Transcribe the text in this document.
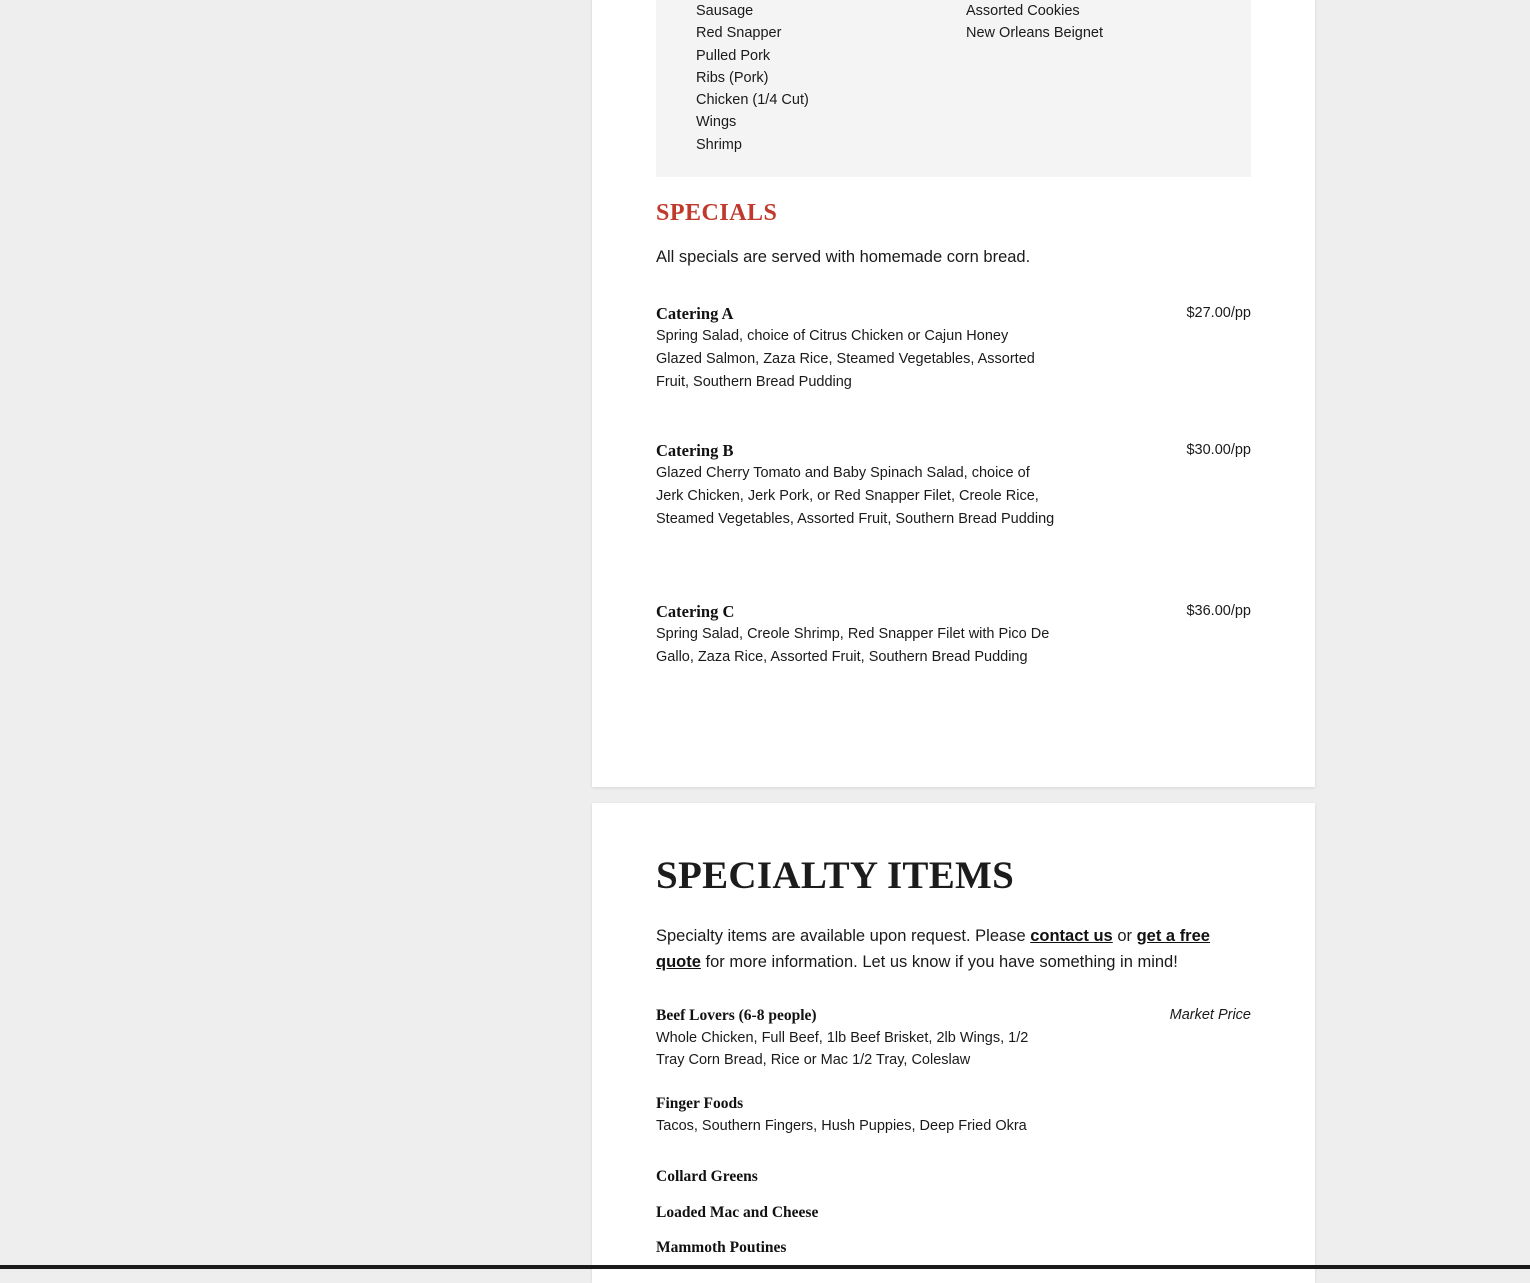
Sausage
Red Snapper
Pulled Pork
Ribs (Pork)
Chicken (1/4 Cut)
Wings
Shrimp
Assorted Cookies
New Orleans Beignet
SPECIALS
All specials are served with homemade corn bread.
Catering A
Spring Salad, choice of Citrus Chicken or Cajun Honey Glazed Salmon, Zaza Rice, Steamed Vegetables, Assorted Fruit, Southern Bread Pudding
$27.00/pp
Catering B
Glazed Cherry Tomato and Baby Spinach Salad, choice of Jerk Chicken, Jerk Pork, or Red Snapper Filet, Creole Rice, Steamed Vegetables, Assorted Fruit, Southern Bread Pudding
$30.00/pp
Catering C
Spring Salad, Creole Shrimp, Red Snapper Filet with Pico De Gallo, Zaza Rice, Assorted Fruit, Southern Bread Pudding
$36.00/pp
SPECIALTY ITEMS
Specialty items are available upon request. Please contact us or get a free quote for more information. Let us know if you have something in mind!
Beef Lovers (6-8 people)
Whole Chicken, Full Beef, 1lb Beef Brisket, 2lb Wings, 1/2 Tray Corn Bread, Rice or Mac 1/2 Tray, Coleslaw
Market Price
Finger Foods
Tacos, Southern Fingers, Hush Puppies, Deep Fried Okra
Collard Greens
Loaded Mac and Cheese
Mammoth Poutines
